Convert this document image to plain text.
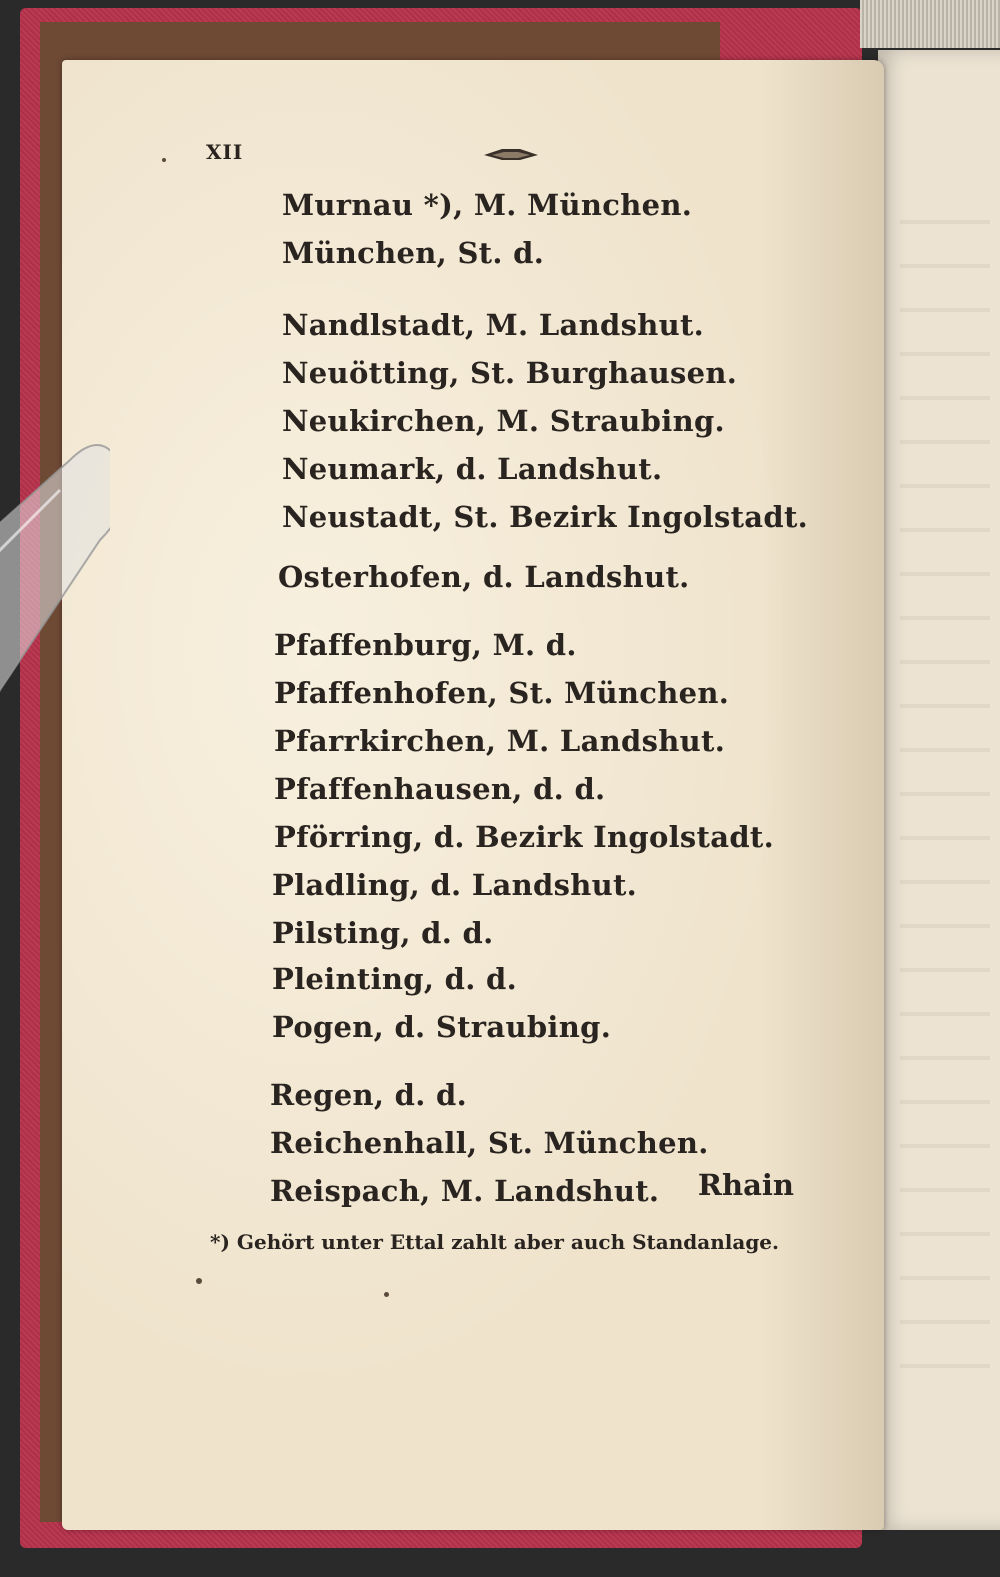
XII
Murnau *), M. München.
München, St. d.
Nandlstadt, M. Landshut.
Neuötting, St. Burghausen.
Neukirchen, M. Straubing.
Neumark, d. Landshut.
Neustadt, St. Bezirk Ingolstadt.
Osterhofen, d. Landshut.
Pfaffenburg, M. d.
Pfaffenhofen, St. München.
Pfarrkirchen, M. Landshut.
Pfaffenhausen, d. d.
Pförring, d. Bezirk Ingolstadt.
Pladling, d. Landshut.
Pilsting, d. d.
Pleinting, d. d.
Pogen, d. Straubing.
Regen, d. d.
Reichenhall, St. München.
Reispach, M. Landshut. Rhain
*) Gehört unter Ettal zahlt aber auch Standanlage.
